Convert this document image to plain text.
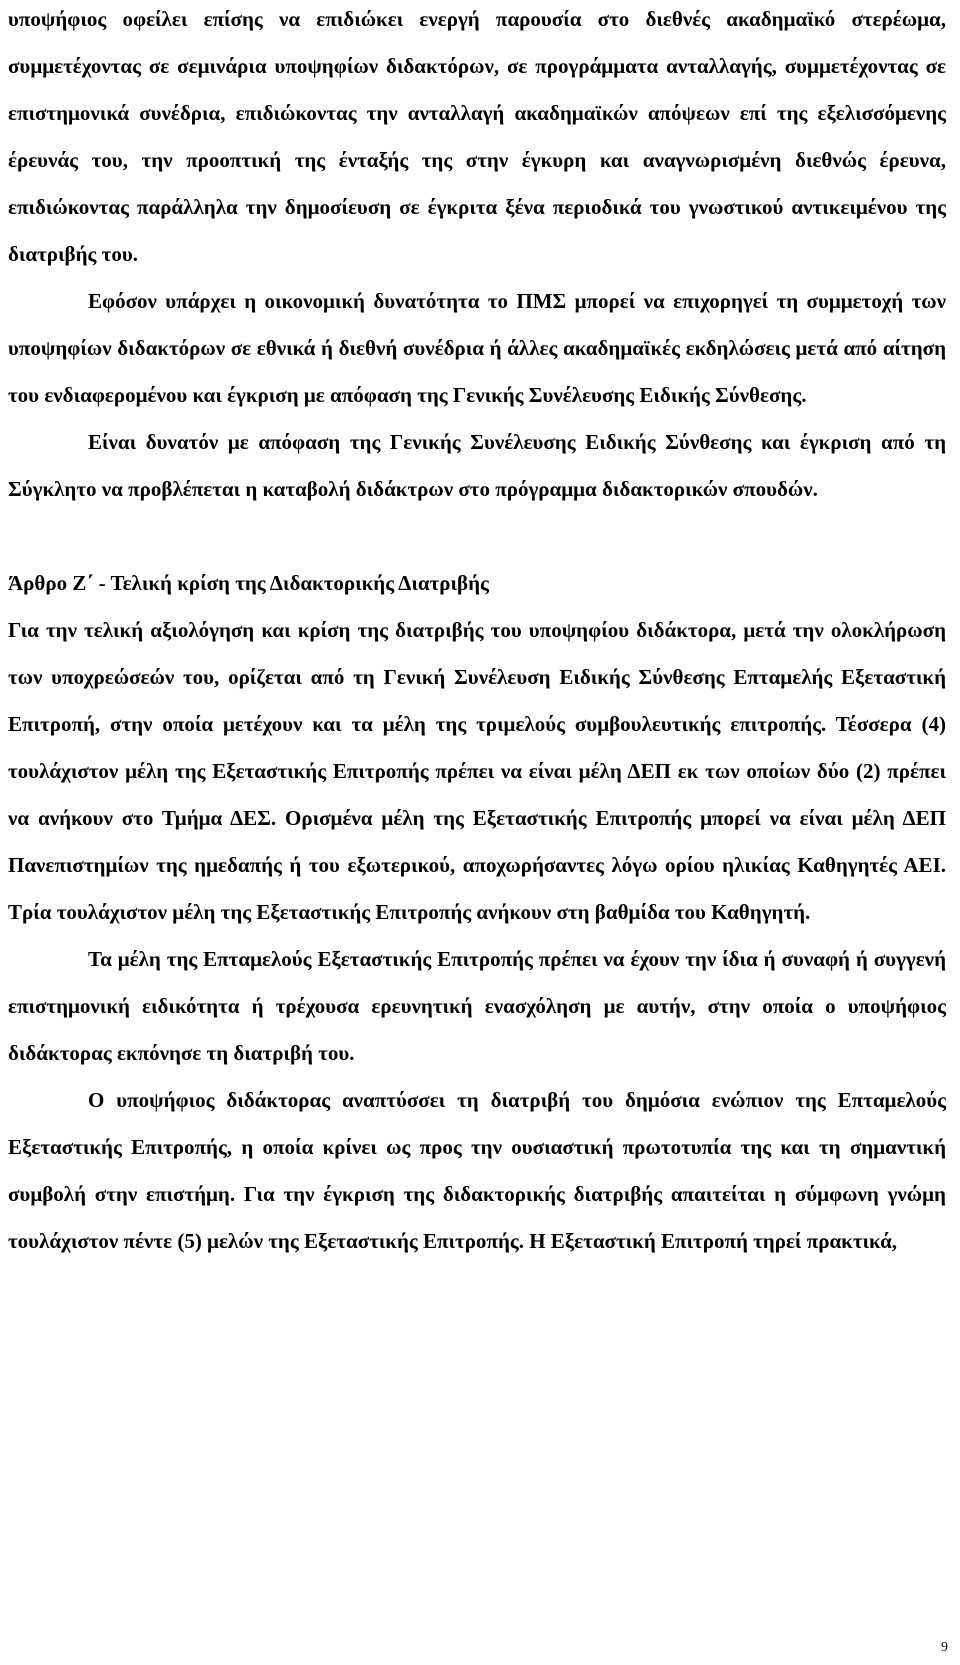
υποψήφιος οφείλει επίσης να επιδιώκει ενεργή παρουσία στο διεθνές ακαδημαϊκό στερέωμα, συμμετέχοντας σε σεμινάρια υποψηφίων διδακτόρων, σε προγράμματα ανταλλαγής, συμμετέχοντας σε επιστημονικά συνέδρια, επιδιώκοντας την ανταλλαγή ακαδημαϊκών απόψεων επί της εξελισσόμενης έρευνάς του, την προοπτική της ένταξής της στην έγκυρη και αναγνωρισμένη διεθνώς έρευνα, επιδιώκοντας παράλληλα την δημοσίευση σε έγκριτα ξένα περιοδικά του γνωστικού αντικειμένου της διατριβής του.

Εφόσον υπάρχει η οικονομική δυνατότητα το ΠΜΣ μπορεί να επιχορηγεί τη συμμετοχή των υποψηφίων διδακτόρων σε εθνικά ή διεθνή συνέδρια ή άλλες ακαδημαϊκές εκδηλώσεις μετά από αίτηση του ενδιαφερομένου και έγκριση με απόφαση της Γενικής Συνέλευσης Ειδικής Σύνθεσης.

Είναι δυνατόν με απόφαση της Γενικής Συνέλευσης Ειδικής Σύνθεσης και έγκριση από τη Σύγκλητο να προβλέπεται η καταβολή διδάκτρων στο πρόγραμμα διδακτορικών σπουδών.

Άρθρο Ζ΄ - Τελική κρίση της Διδακτορικής Διατριβής

Για την τελική αξιολόγηση και κρίση της διατριβής του υποψηφίου διδάκτορα, μετά την ολοκλήρωση των υποχρεώσεών του, ορίζεται από τη Γενική Συνέλευση Ειδικής Σύνθεσης Επταμελής Εξεταστική Επιτροπή, στην οποία μετέχουν και τα μέλη της τριμελούς συμβουλευτικής επιτροπής. Τέσσερα (4) τουλάχιστον μέλη της Εξεταστικής Επιτροπής πρέπει να είναι μέλη ΔΕΠ εκ των οποίων δύο (2) πρέπει να ανήκουν στο Τμήμα ΔΕΣ. Ορισμένα μέλη της Εξεταστικής Επιτροπής μπορεί να είναι μέλη ΔΕΠ Πανεπιστημίων της ημεδαπής ή του εξωτερικού, αποχωρήσαντες λόγω ορίου ηλικίας Καθηγητές ΑΕΙ. Τρία τουλάχιστον μέλη της Εξεταστικής Επιτροπής ανήκουν στη βαθμίδα του Καθηγητή.

Τα μέλη της Επταμελούς Εξεταστικής Επιτροπής πρέπει να έχουν την ίδια ή συναφή ή συγγενή επιστημονική ειδικότητα ή τρέχουσα ερευνητική ενασχόληση με αυτήν, στην οποία ο υποψήφιος διδάκτορας εκπόνησε τη διατριβή του.

Ο υποψήφιος διδάκτορας αναπτύσσει τη διατριβή του δημόσια ενώπιον της Επταμελούς Εξεταστικής Επιτροπής, η οποία κρίνει ως προς την ουσιαστική πρωτοτυπία της και τη σημαντική συμβολή στην επιστήμη. Για την έγκριση της διδακτορικής διατριβής απαιτείται η σύμφωνη γνώμη τουλάχιστον πέντε (5) μελών της Εξεταστικής Επιτροπής. Η Εξεταστική Επιτροπή τηρεί πρακτικά,

9
